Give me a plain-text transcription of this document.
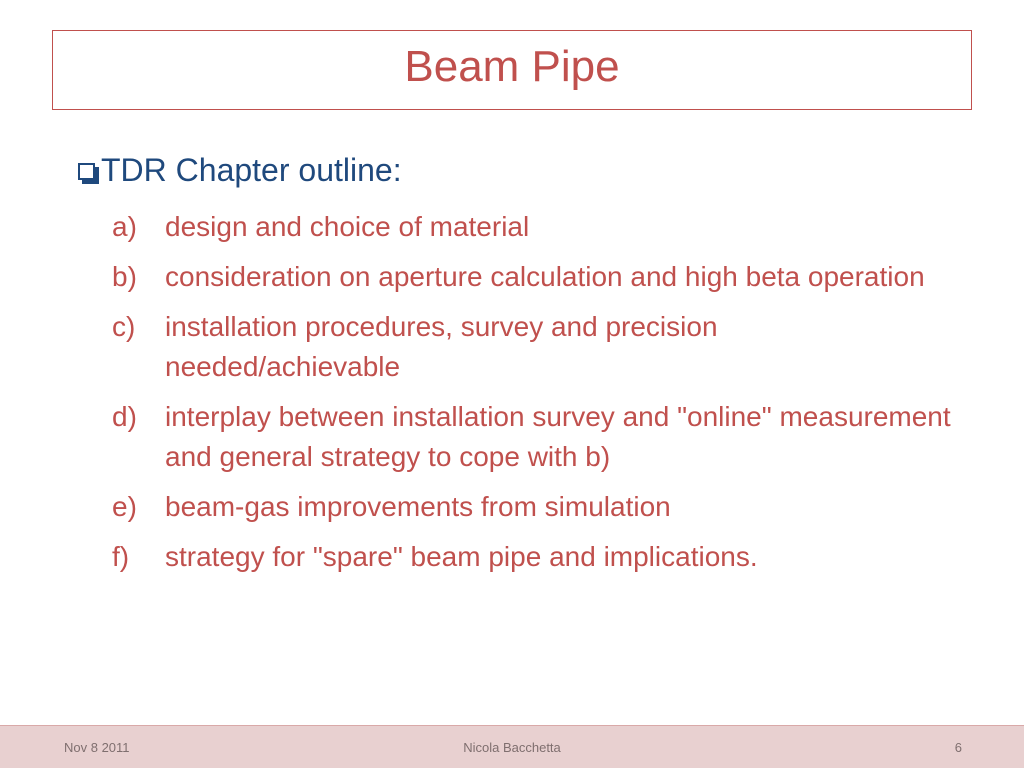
Beam Pipe
TDR Chapter outline:
a)	design and choice of material
b)	consideration on aperture calculation and high beta operation
c)	installation procedures, survey and precision needed/achievable
d)	interplay between installation survey and "online" measurement and general strategy to cope with b)
e)	beam-gas improvements from simulation
f)	strategy for "spare" beam pipe and implications.
Nov 8 2011	Nicola Bacchetta	6
